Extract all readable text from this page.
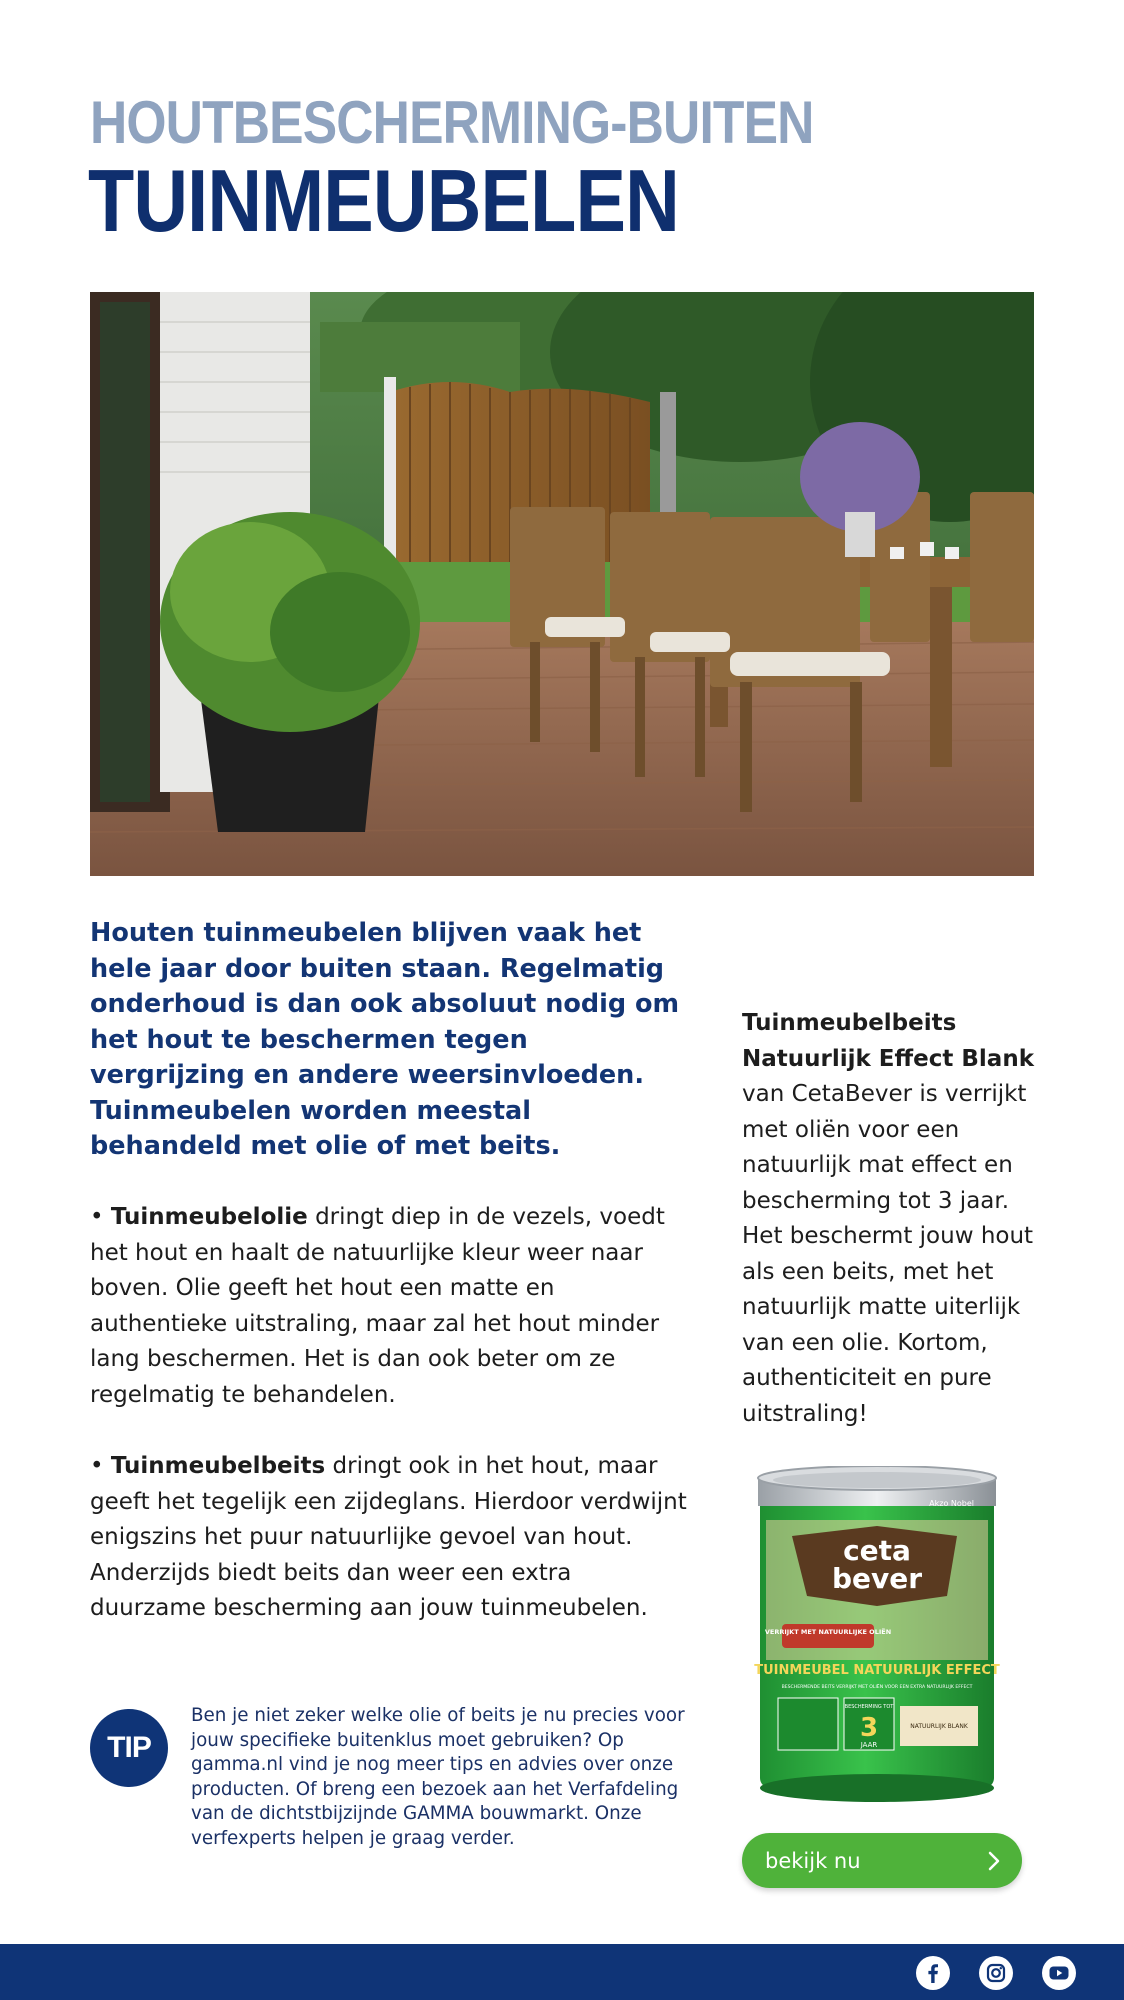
HOUTBESCHERMING-BUITEN
TUINMEUBELEN
Houten tuinmeubelen blijven vaak het hele jaar door buiten staan. Regelmatig onderhoud is dan ook absoluut nodig om het hout te beschermen tegen vergrijzing en andere weersinvloeden. Tuinmeubelen worden meestal behandeld met olie of met beits.
• Tuinmeubelolie dringt diep in de vezels, voedt het hout en haalt de natuurlijke kleur weer naar boven. Olie geeft het hout een matte en authentieke uitstraling, maar zal het hout minder lang beschermen. Het is dan ook beter om ze regelmatig te behandelen.
• Tuinmeubelbeits dringt ook in het hout, maar geeft het tegelijk een zijdeglans. Hierdoor verdwijnt enigszins het puur natuurlijke gevoel van hout. Anderzijds biedt beits dan weer een extra duurzame bescherming aan jouw tuinmeubelen.
TIP
Ben je niet zeker welke olie of beits je nu precies voor jouw specifieke buitenklus moet gebruiken? Op gamma.nl vind je nog meer tips en advies over onze producten. Of breng een bezoek aan het Verfafdeling van de dichtstbijzijnde GAMMA bouwmarkt. Onze verfexperts helpen je graag verder.
Tuinmeubelbeits
Natuurlijk Effect Blank
van CetaBever is verrijkt met oliën voor een natuurlijk mat effect en bescherming tot 3 jaar. Het beschermt jouw hout als een beits, met het natuurlijk matte uiterlijk van een olie. Kortom, authenticiteit en pure uitstraling!
ceta
bever
Akzo Nobel
VERRIJKT MET NATUURLIJKE OLIËN
TUINMEUBEL NATUURLIJK EFFECT
BESCHERMENDE BEITS VERRIJKT MET OLIËN VOOR EEN EXTRA NATUURLIJK EFFECT
BESCHERMING TOT
3
JAAR
NATUURLIJK BLANK
bekijk nu
